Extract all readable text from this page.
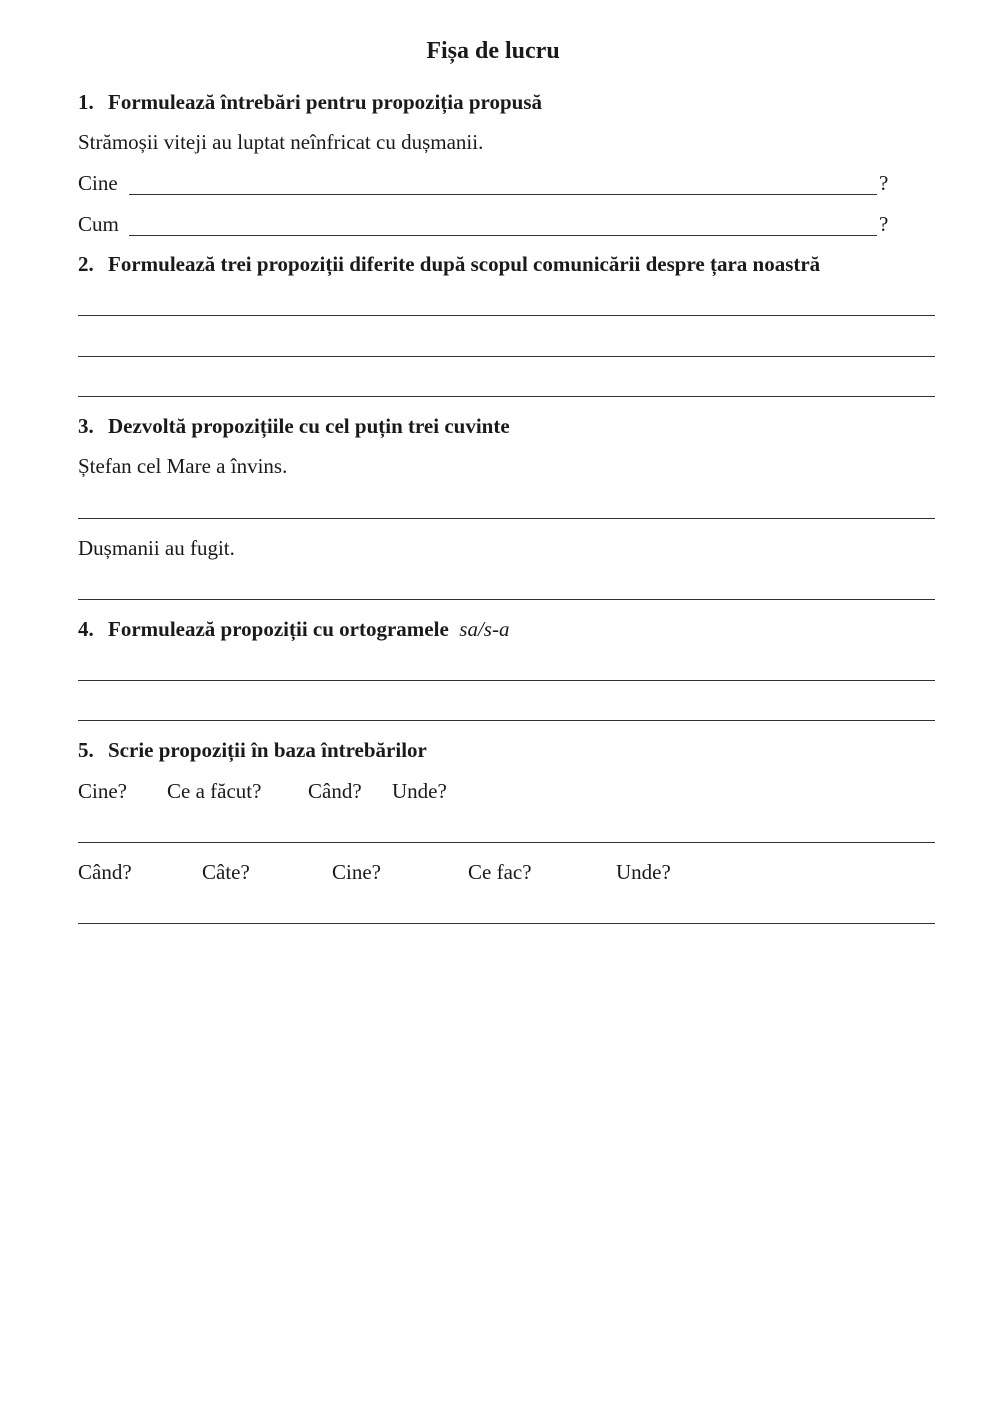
Fișa de lucru
1. Formulează întrebări pentru propoziția propusă
Strămoșii viteji au luptat neînfricat cu dușmanii.
Cine	?
Cum	?
2. Formulează trei propoziții diferite după scopul comunicării despre țara noastră
3. Dezvoltă propozițiile cu cel puțin trei cuvinte
Ștefan cel Mare a învins.
Dușmanii au fugit.
4. Formulează propoziții cu ortogramele sa/s-a
5. Scrie propoziții în baza întrebărilor
Cine? Ce a făcut? Când? Unde?
Când?	Câte?	Cine?	Ce fac?	Unde?
